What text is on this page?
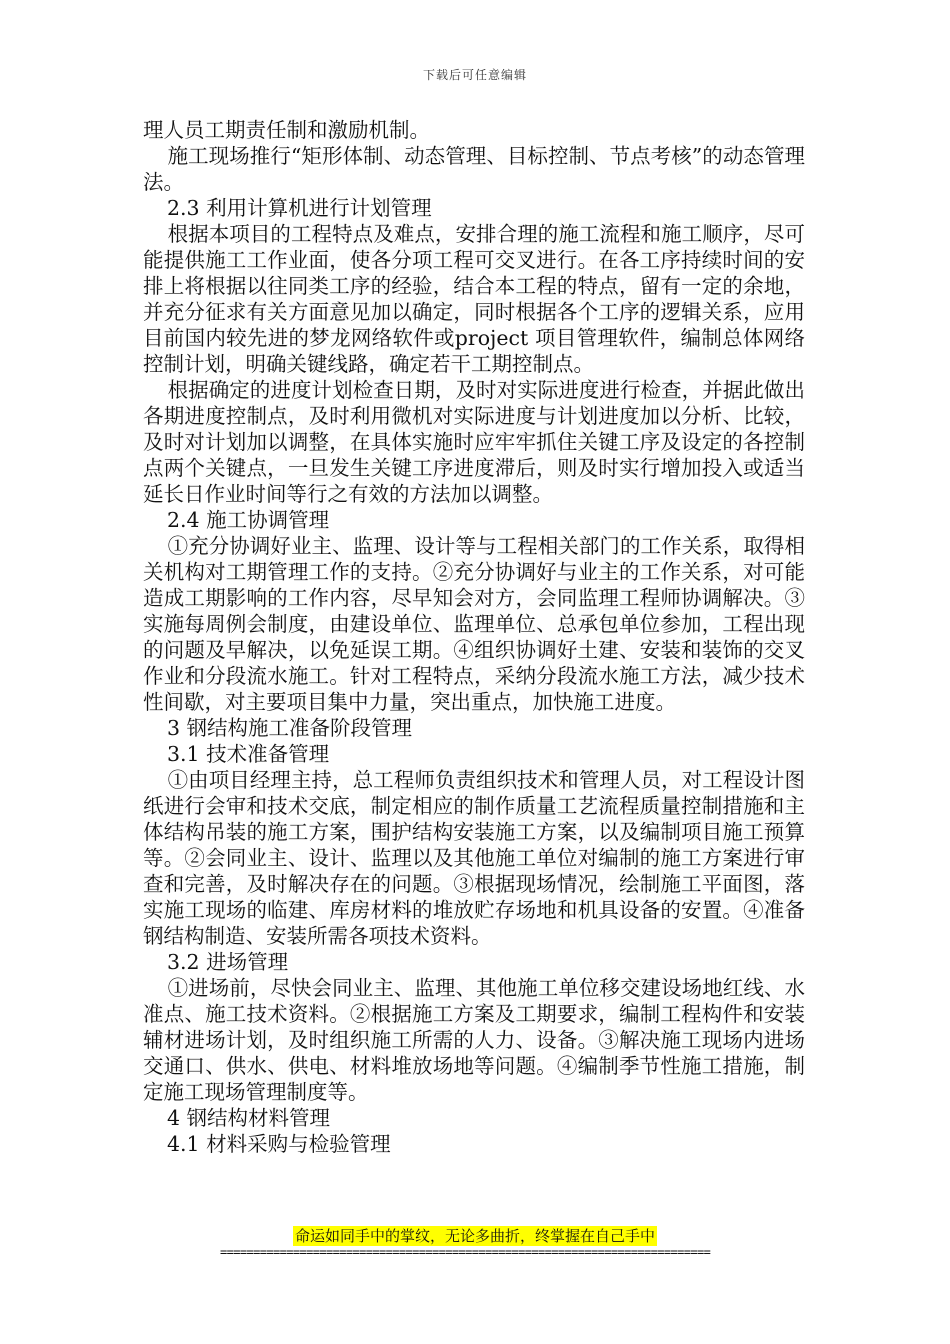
下载后可任意编辑

理人员工期责任制和激励机制。

施工现场推行“矩形体制、动态管理、目标控制、节点考核”的动态管理法。

2.3 利用计算机进行计划管理

根据本项目的工程特点及难点，安排合理的施工流程和施工顺序，尽可能提供施工工作业面，使各分项工程可交叉进行。在各工序持续时间的安排上将根据以往同类工序的经验，结合本工程的特点，留有一定的余地，并充分征求有关方面意见加以确定，同时根据各个工序的逻辑关系，应用目前国内较先进的梦龙网络软件或project 项目管理软件，编制总体网络控制计划，明确关键线路，确定若干工期控制点。

根据确定的进度计划检查日期，及时对实际进度进行检查，并据此做出各期进度控制点，及时利用微机对实际进度与计划进度加以分析、比较，及时对计划加以调整，在具体实施时应牢牢抓住关键工序及设定的各控制点两个关键点，一旦发生关键工序进度滞后，则及时实行增加投入或适当延长日作业时间等行之有效的方法加以调整。

2.4 施工协调管理

①充分协调好业主、监理、设计等与工程相关部门的工作关系，取得相关机构对工期管理工作的支持。②充分协调好与业主的工作关系，对可能造成工期影响的工作内容，尽早知会对方，会同监理工程师协调解决。③实施每周例会制度，由建设单位、监理单位、总承包单位参加，工程出现的问题及早解决，以免延误工期。④组织协调好土建、安装和装饰的交叉作业和分段流水施工。针对工程特点，采纳分段流水施工方法，减少技术性间歇，对主要项目集中力量，突出重点，加快施工进度。

3 钢结构施工准备阶段管理

3.1 技术准备管理

①由项目经理主持，总工程师负责组织技术和管理人员，对工程设计图纸进行会审和技术交底，制定相应的制作质量工艺流程质量控制措施和主体结构吊装的施工方案，围护结构安装施工方案，以及编制项目施工预算等。②会同业主、设计、监理以及其他施工单位对编制的施工方案进行审查和完善，及时解决存在的问题。③根据现场情况，绘制施工平面图，落实施工现场的临建、库房材料的堆放贮存场地和机具设备的安置。④准备钢结构制造、安装所需各项技术资料。

3.2 进场管理

①进场前，尽快会同业主、监理、其他施工单位移交建设场地红线、水准点、施工技术资料。②根据施工方案及工期要求，编制工程构件和安装辅材进场计划，及时组织施工所需的人力、设备。③解决施工现场内进场交通口、供水、供电、材料堆放场地等问题。④编制季节性施工措施，制定施工现场管理制度等。

4 钢结构材料管理

4.1 材料采购与检验管理

命运如同手中的掌纹，无论多曲折，终掌握在自己手中
==========================================================================
